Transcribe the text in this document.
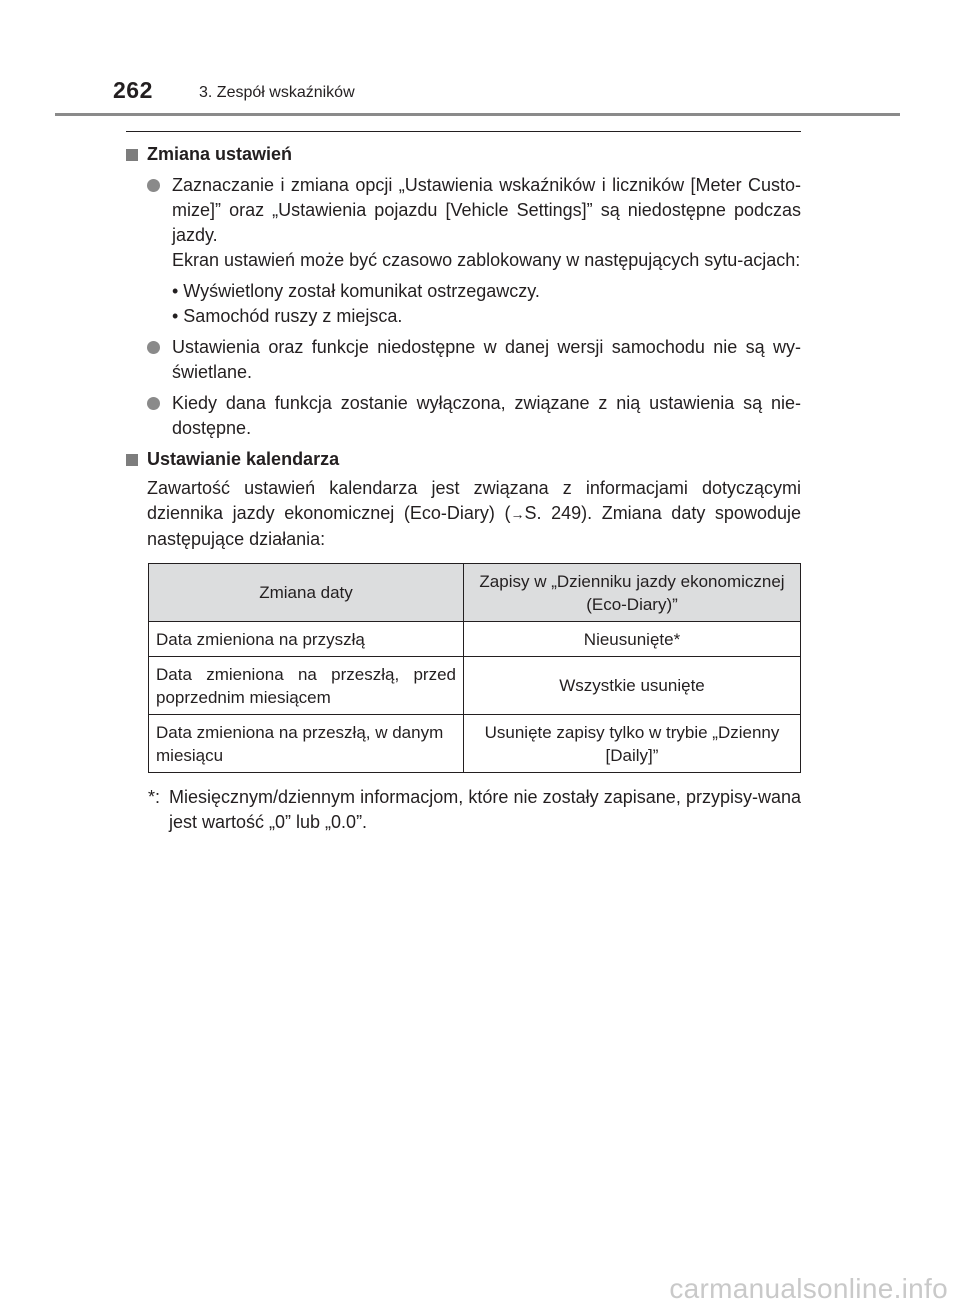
262	3. Zespół wskaźników
Zmiana ustawień

Zaznaczanie i zmiana opcji „Ustawienia wskaźników i liczników [Meter Custo-mize]” oraz „Ustawienia pojazdu [Vehicle Settings]” są niedostępne podczas jazdy.

Ekran ustawień może być czasowo zablokowany w następujących sytu-acjach:

• Wyświetlony został komunikat ostrzegawczy.
• Samochód ruszy z miejsca.

Ustawienia oraz funkcje niedostępne w danej wersji samochodu nie są wy-świetlane.

Kiedy dana funkcja zostanie wyłączona, związane z nią ustawienia są nie-dostępne.

Ustawianie kalendarza
Zawartość ustawień kalendarza jest związana z informacjami dotyczącymi dziennika jazdy ekonomicznej (Eco-Diary) (→S. 249). Zmiana daty spowoduje następujące działania:
Zmiana daty	Zapisy w „Dzienniku jazdy ekonomicznej (Eco-Diary)”
Data zmieniona na przyszłą	Nieusunięte*
Data zmieniona na przeszłą, przed poprzednim miesiącem	Wszystkie usunięte
Data zmieniona na przeszłą, w danym miesiącu	Usunięte zapisy tylko w trybie „Dzienny [Daily]”
*: Miesięcznym/dziennym informacjom, które nie zostały zapisane, przypisy-wana jest wartość „0” lub „0.0”.
carmanualsonline.info
